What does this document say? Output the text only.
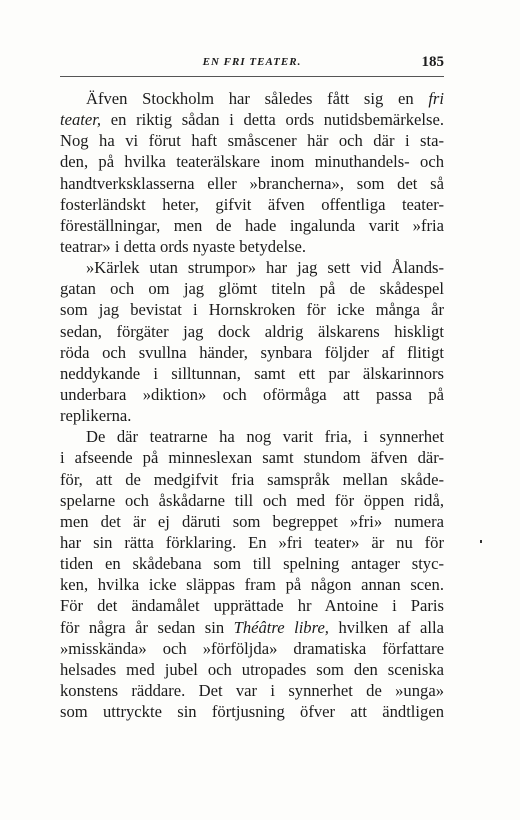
EN FRI TEATER.	185
Äfven Stockholm har således fått sig en fri
teater, en riktig sådan i detta ords nutidsbemärkelse.
Nog ha vi förut haft småscener här och där i sta-
den, på hvilka teaterälskare inom minuthandels- och
handtverksklasserna eller »brancherna», som det så
fosterländskt heter, gifvit äfven offentliga teater-
föreställningar, men de hade ingalunda varit »fria
teatrar» i detta ords nyaste betydelse.
»Kärlek utan strumpor» har jag sett vid Ålands-
gatan och om jag glömt titeln på de skådespel
som jag bevistat i Hornskroken för icke många år
sedan, förgäter jag dock aldrig älskarens hiskligt
röda och svullna händer, synbara följder af flitigt
neddykande i silltunnan, samt ett par älskarinnors
underbara »diktion» och oförmåga att passa på
replikerna.
De där teatrarne ha nog varit fria, i synnerhet
i afseende på minneslexan samt stundom äfven där-
för, att de medgifvit fria samspråk mellan skåde-
spelarne och åskådarne till och med för öppen ridå,
men det är ej däruti som begreppet »fri» numera
har sin rätta förklaring. En »fri teater» är nu för
tiden en skådebana som till spelning antager styc-
ken, hvilka icke släppas fram på någon annan scen.
För det ändamålet upprättade hr Antoine i Paris
för några år sedan sin Théâtre libre, hvilken af alla
»misskända» och »förföljda» dramatiska författare
helsades med jubel och utropades som den sceniska
konstens räddare. Det var i synnerhet de »unga»
som uttryckte sin förtjusning öfver att ändtligen
